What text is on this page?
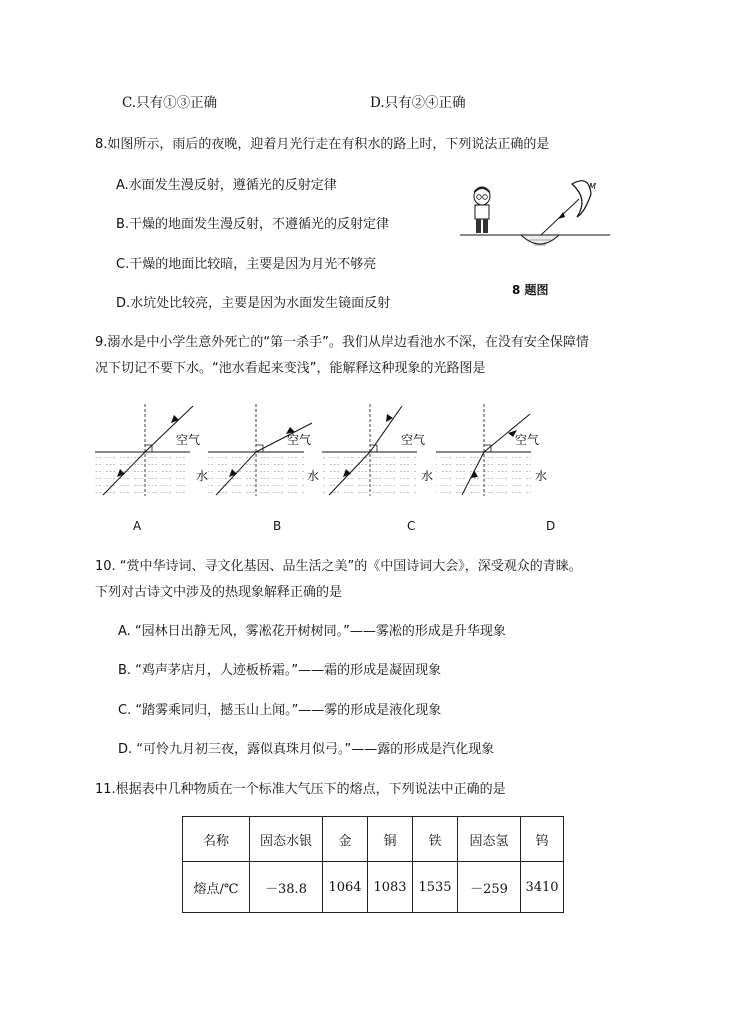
C.只有①③正确	D.只有②④正确
8.如图所示，雨后的夜晚，迎着月光行走在有积水的路上时，下列说法正确的是
A.水面发生漫反射，遵循光的反射定律
B.干燥的地面发生漫反射，不遵循光的反射定律
C.干燥的地面比较暗，主要是因为月光不够亮
D.水坑处比较亮，主要是因为水面发生镜面反射
M
8 题图
9.溺水是中小学生意外死亡的“第一杀手”。我们从岸边看池水不深，在没有安全保障情
况下切记不要下水。“池水看起来变浅”，能解释这种现象的光路图是
空气
水
空气
水
空气
水
空气
水
A	B	C	D
10. “赏中华诗词、寻文化基因、品生活之美”的《中国诗词大会》，深受观众的青睐。
下列对古诗文中涉及的热现象解释正确的是
A. “园林日出静无风，雾凇花开树树同。”——雾凇的形成是升华现象
B. “鸡声茅店月，人迹板桥霜。”——霜的形成是凝固现象
C. “踏雾乘同归，撼玉山上闻。”——雾的形成是液化现象
D. “可怜九月初三夜，露似真珠月似弓。”——露的形成是汽化现象
11.根据表中几种物质在一个标准大气压下的熔点，下列说法中正确的是
名称	固态水银	金	铜	铁	固态氢	钨
熔点/℃	－38.8	1064	1083	1535	－259	3410
